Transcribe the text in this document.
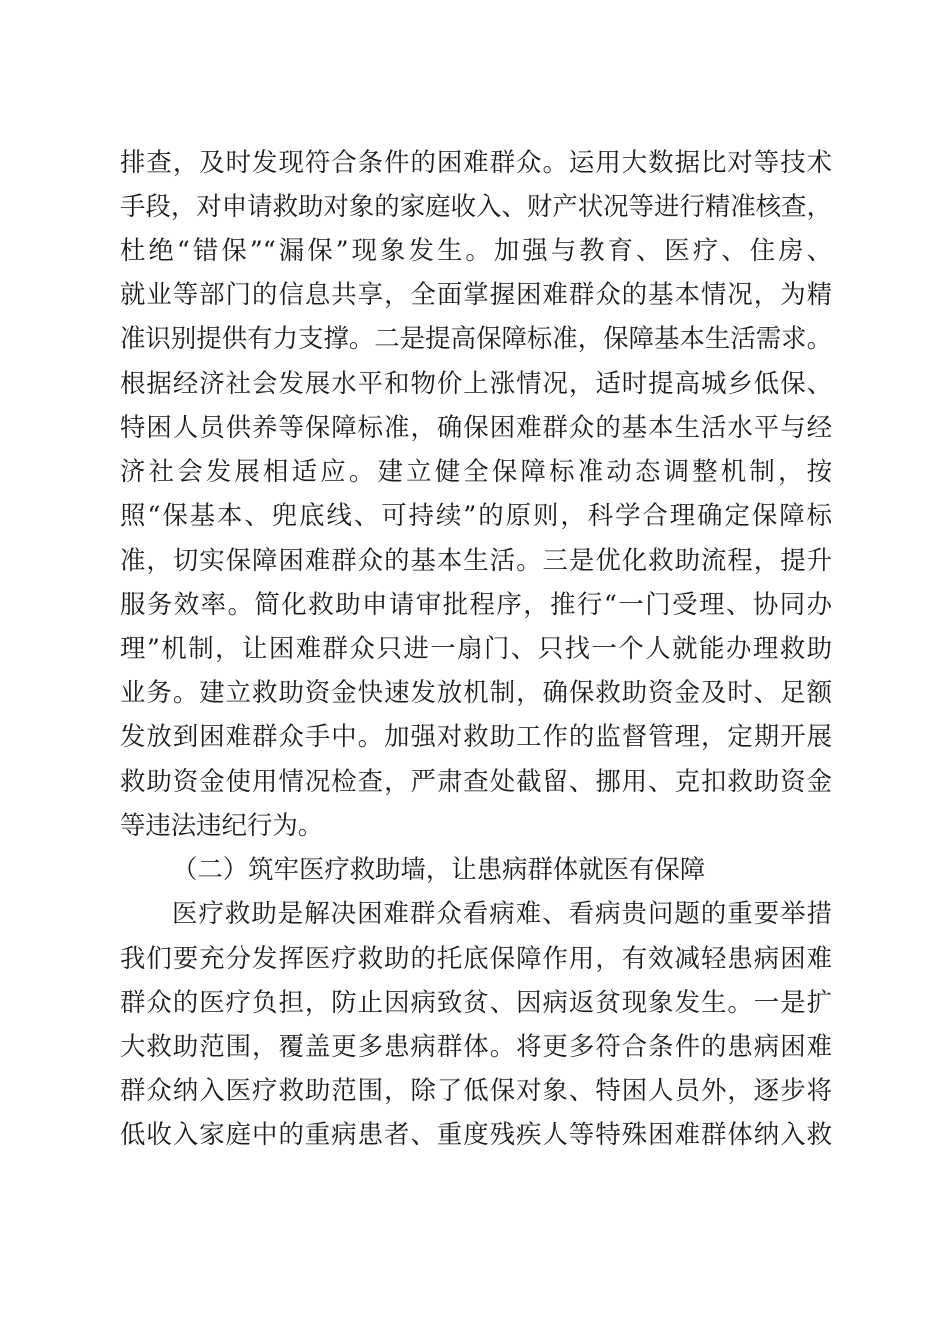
排查，及时发现符合条件的困难群众。运用大数据比对等技术
手段，对申请救助对象的家庭收入、财产状况等进行精准核查，
杜绝“错保”“漏保”现象发生。加强与教育、医疗、住房、
就业等部门的信息共享，全面掌握困难群众的基本情况，为精
准识别提供有力支撑。二是提高保障标准，保障基本生活需求。
根据经济社会发展水平和物价上涨情况，适时提高城乡低保、
特困人员供养等保障标准，确保困难群众的基本生活水平与经
济社会发展相适应。建立健全保障标准动态调整机制，按
照“保基本、兜底线、可持续”的原则，科学合理确定保障标
准，切实保障困难群众的基本生活。三是优化救助流程，提升
服务效率。简化救助申请审批程序，推行“一门受理、协同办
理”机制，让困难群众只进一扇门、只找一个人就能办理救助
业务。建立救助资金快速发放机制，确保救助资金及时、足额
发放到困难群众手中。加强对救助工作的监督管理，定期开展
救助资金使用情况检查，严肃查处截留、挪用、克扣救助资金
等违法违纪行为。
（二）筑牢医疗救助墙，让患病群体就医有保障
医疗救助是解决困难群众看病难、看病贵问题的重要举措
我们要充分发挥医疗救助的托底保障作用，有效减轻患病困难
群众的医疗负担，防止因病致贫、因病返贫现象发生。一是扩
大救助范围，覆盖更多患病群体。将更多符合条件的患病困难
群众纳入医疗救助范围，除了低保对象、特困人员外，逐步将
低收入家庭中的重病患者、重度残疾人等特殊困难群体纳入救
